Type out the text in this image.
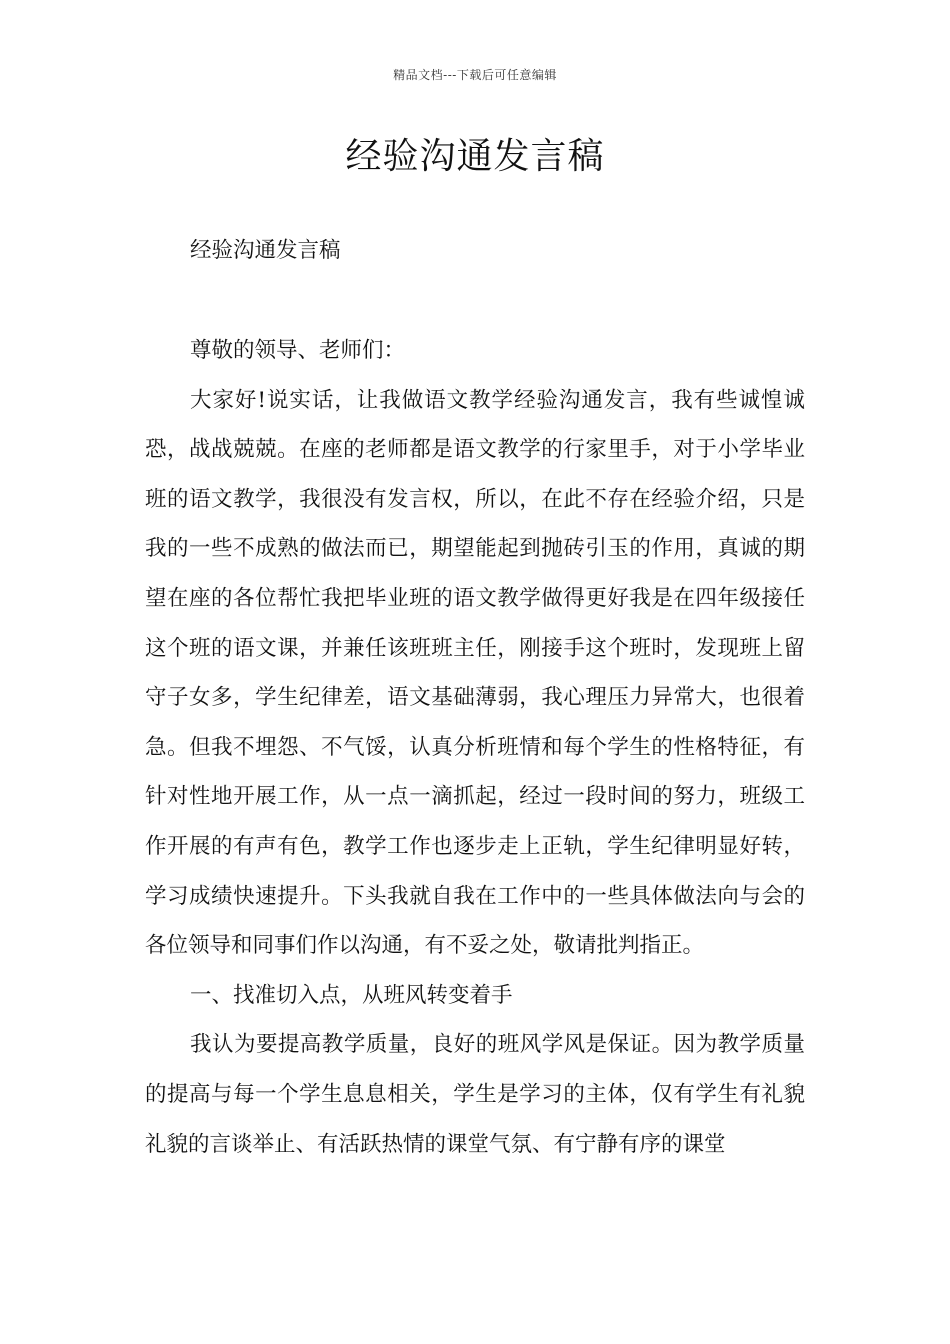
精品文档---下载后可任意编辑
经验沟通发言稿

经验沟通发言稿

尊敬的领导、老师们：

大家好!说实话，让我做语文教学经验沟通发言，我有些诚惶诚恐，战战兢兢。在座的老师都是语文教学的行家里手，对于小学毕业班的语文教学，我很没有发言权，所以，在此不存在经验介绍，只是我的一些不成熟的做法而已，期望能起到抛砖引玉的作用，真诚的期望在座的各位帮忙我把毕业班的语文教学做得更好我是在四年级接任这个班的语文课，并兼任该班班主任，刚接手这个班时，发现班上留守子女多，学生纪律差，语文基础薄弱，我心理压力异常大，也很着急。但我不埋怨、不气馁，认真分析班情和每个学生的性格特征，有针对性地开展工作，从一点一滴抓起，经过一段时间的努力，班级工作开展的有声有色，教学工作也逐步走上正轨，学生纪律明显好转，学习成绩快速提升。下头我就自我在工作中的一些具体做法向与会的各位领导和同事们作以沟通，有不妥之处，敬请批判指正。

一、找准切入点，从班风转变着手

我认为要提高教学质量，良好的班风学风是保证。因为教学质量的提高与每一个学生息息相关，学生是学习的主体，仅有学生有礼貌礼貌的言谈举止、有活跃热情的课堂气氛、有宁静有序的课堂
